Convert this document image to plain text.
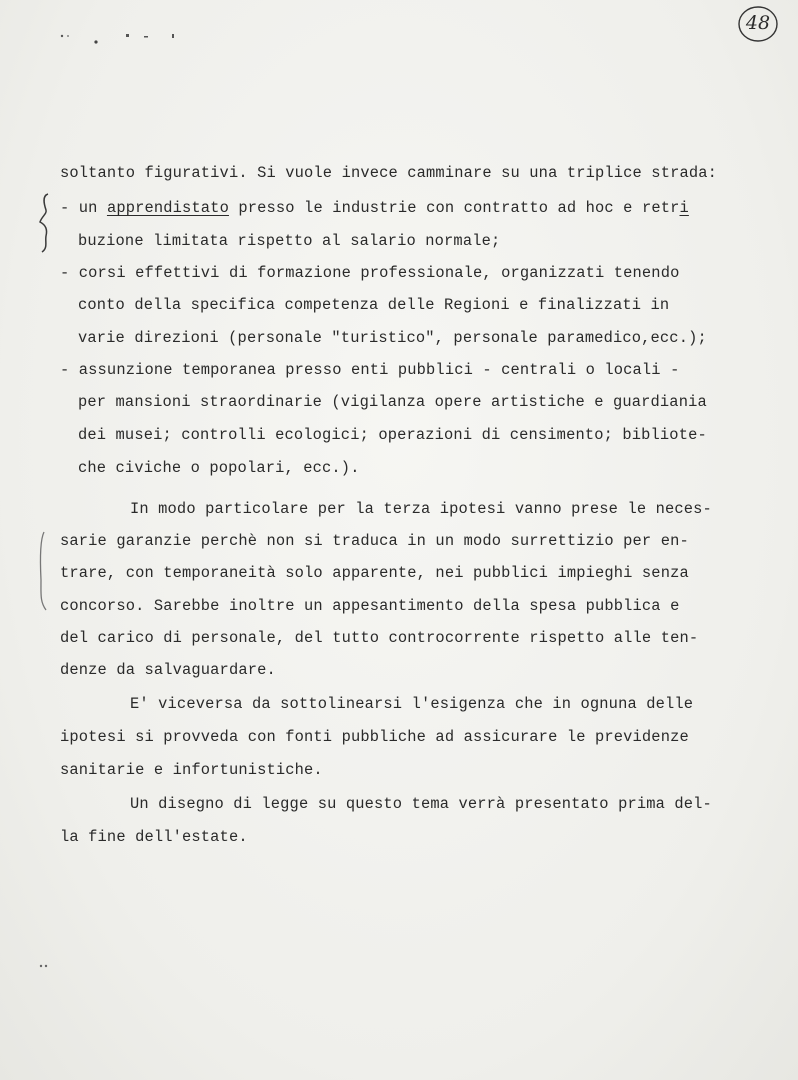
48
soltanto figurativi. Si vuole invece camminare su una triplice strada:
- un apprendistato presso le industrie con contratto ad hoc e retri
buzione limitata rispetto al salario normale;
- corsi effettivi di formazione professionale, organizzati tenendo
conto della specifica competenza delle Regioni e finalizzati in
varie direzioni (personale "turistico", personale paramedico,ecc.);
- assunzione temporanea presso enti pubblici - centrali o locali -
per mansioni straordinarie (vigilanza opere artistiche e guardiania
dei musei; controlli ecologici; operazioni di censimento; bibliote-
che civiche o popolari, ecc.).
In modo particolare per la terza ipotesi vanno prese le neces-
sarie garanzie perchè non si traduca in un modo surrettizio per en-
trare, con temporaneità solo apparente, nei pubblici impieghi senza
concorso. Sarebbe inoltre un appesantimento della spesa pubblica e
del carico di personale, del tutto controcorrente rispetto alle ten-
denze da salvaguardare.
E' viceversa da sottolinearsi l'esigenza che in ognuna delle
ipotesi si provveda con fonti pubbliche ad assicurare le previdenze
sanitarie e infortunistiche.
Un disegno di legge su questo tema verrà presentato prima del-
la fine dell'estate.
